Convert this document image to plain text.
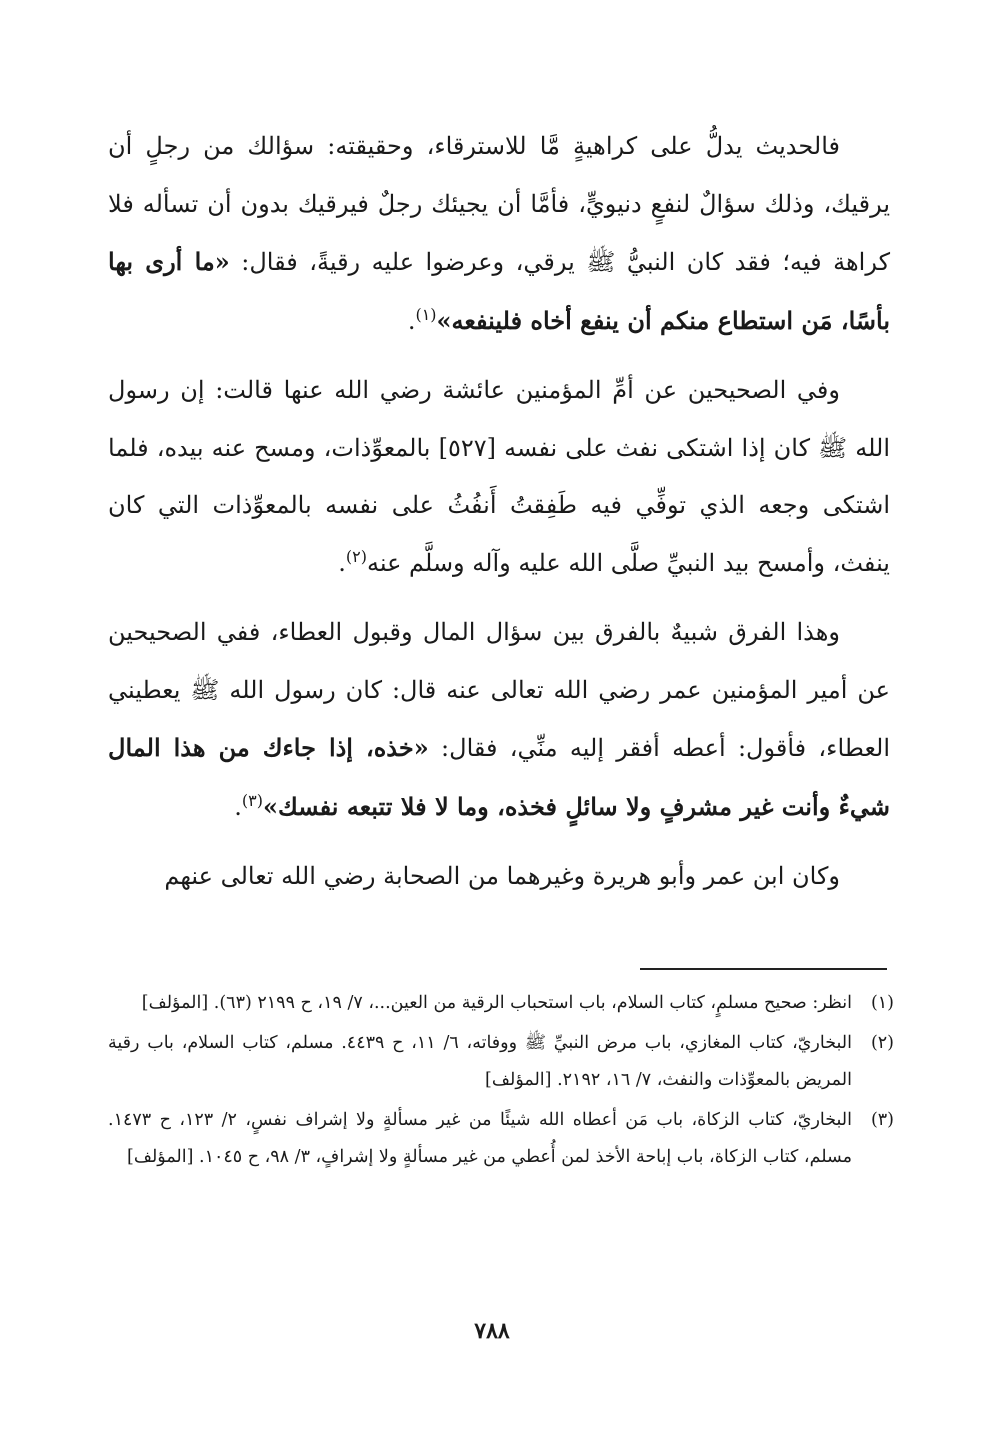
فالحديث يدلُّ على كراهيةٍ مَّا للاسترقاء، وحقيقته: سؤالك من رجلٍ أن يرقيك، وذلك سؤالٌ لنفعٍ دنيويٍّ، فأمَّا أن يجيئك رجلٌ فيرقيك بدون أن تسأله فلا كراهة فيه؛ فقد كان النبيُّ ﷺ يرقي، وعرضوا عليه رقيةً، فقال: «ما أرى بها بأسًا، مَن استطاع منكم أن ينفع أخاه فلينفعه»$^{(١)}$.

وفي الصحيحين عن أمِّ المؤمنين عائشة رضي الله عنها قالت: إن رسول الله ﷺ كان إذا اشتكى نفث على نفسه [٥٢٧] بالمعوِّذات، ومسح عنه بيده، فلما اشتكى وجعه الذي توفِّي فيه طَفِقتُ أَنفُثُ على نفسه بالمعوِّذات التي كان ينفث، وأمسح بيد النبيِّ صلَّى الله عليه وآله وسلَّم عنه$^{(٢)}$.

وهذا الفرق شبيهٌ بالفرق بين سؤال المال وقبول العطاء، ففي الصحيحين عن أمير المؤمنين عمر رضي الله تعالى عنه قال: كان رسول الله ﷺ يعطيني العطاء، فأقول: أعطه أفقر إليه منِّي، فقال: «خذه، إذا جاءك من هذا المال شيءٌ وأنت غير مشرفٍ ولا سائلٍ فخذه، وما لا فلا تتبعه نفسك»$^{(٣)}$.

وكان ابن عمر وأبو هريرة وغيرهما من الصحابة رضي الله تعالى عنهم

(١)
انظر: صحيح مسلمٍ، كتاب السلام، باب استحباب الرقية من العين...، ٧/ ١٩، ح ٢١٩٩ (٦٣). [المؤلف]
(٢)
البخاريّ، كتاب المغازي، باب مرض النبيِّ ﷺ ووفاته، ٦/ ١١، ح ٤٤٣٩. مسلم، كتاب السلام، باب رقية المريض بالمعوِّذات والنفث، ٧/ ١٦، ٢١٩٢. [المؤلف]
(٣)
البخاريّ، كتاب الزكاة، باب مَن أعطاه الله شيئًا من غير مسألةٍ ولا إشراف نفسٍ، ٢/ ١٢٣، ح ١٤٧٣. مسلم، كتاب الزكاة، باب إباحة الأخذ لمن أُعطي من غير مسألةٍ ولا إشرافٍ، ٣/ ٩٨، ح ١٠٤٥. [المؤلف]
٧٨٨
